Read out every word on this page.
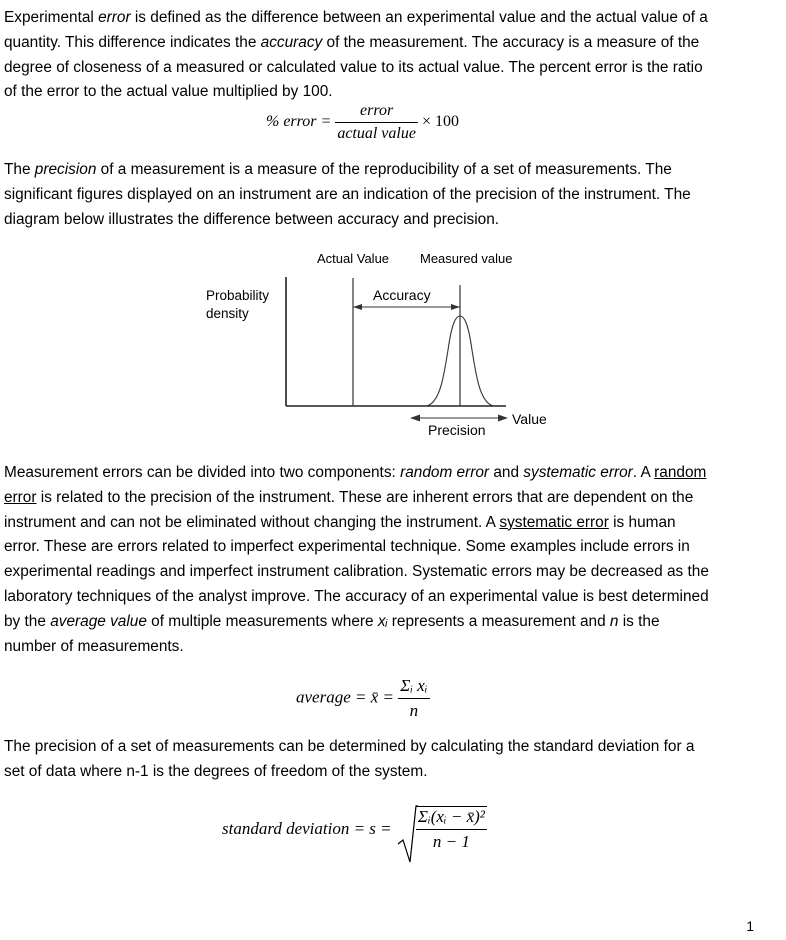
Experimental error is defined as the difference between an experimental value and the actual value of a
quantity. This difference indicates the accuracy of the measurement. The accuracy is a measure of the
degree of closeness of a measured or calculated value to its actual value. The percent error is the ratio
of the error to the actual value multiplied by 100.
% error = $\frac{\text{error}}{\text{actual value}} \times 100$
The precision of a measurement is a measure of the reproducibility of a set of measurements. The
significant figures displayed on an instrument are an indication of the precision of the instrument. The
diagram below illustrates the difference between accuracy and precision.
Actual Value Measured value
Probability
density
Accuracy
Precision
Value
Measurement errors can be divided into two components: random error and systematic error. A random
error is related to the precision of the instrument. These are inherent errors that are dependent on the
instrument and can not be eliminated without changing the instrument. A systematic error is human
error. These are errors related to imperfect experimental technique. Some examples include errors in
experimental readings and imperfect instrument calibration. Systematic errors may be decreased as the
laboratory techniques of the analyst improve. The accuracy of an experimental value is best determined
by the average value of multiple measurements where xᵢ represents a measurement and n is the
number of measurements.
average = x̄ = $\frac{\text{Σᵢ xᵢ}}{n}$
The precision of a set of measurements can be determined by calculating the standard deviation for a
set of data where n-1 is the degrees of freedom of the system.
standard deviation = $s = \frac{\text{Σᵢ(xᵢ − x̄)²}}{n - 1}$
1
